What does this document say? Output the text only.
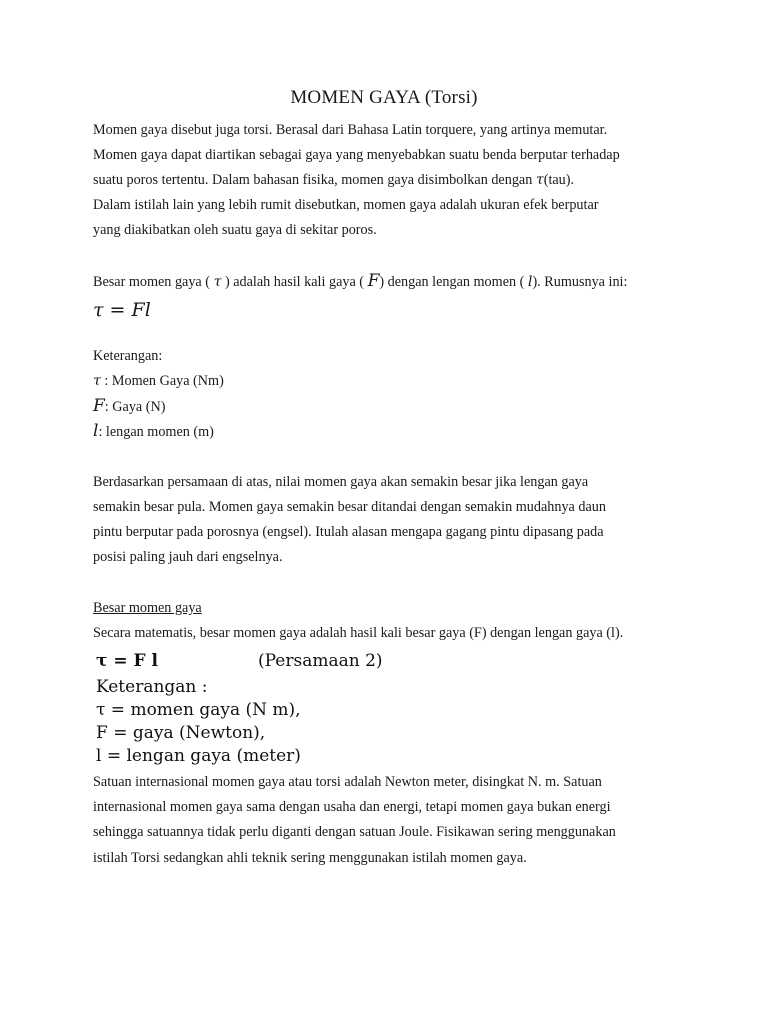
MOMEN GAYA (Torsi)
Momen gaya disebut juga torsi. Berasal dari Bahasa Latin torquere, yang artinya memutar.
Momen gaya dapat diartikan sebagai gaya yang menyebabkan suatu benda berputar terhadap
suatu poros tertentu. Dalam bahasan fisika, momen gaya disimbolkan dengan τ(tau).
Dalam istilah lain yang lebih rumit disebutkan, momen gaya adalah ukuran efek berputar
yang diakibatkan oleh suatu gaya di sekitar poros.
Besar momen gaya ( τ ) adalah hasil kali gaya ( F) dengan lengan momen ( l). Rumusnya ini:
τ = Fl
Keterangan:
τ : Momen Gaya (Nm)
F: Gaya (N)
l: lengan momen (m)
Berdasarkan persamaan di atas, nilai momen gaya akan semakin besar jika lengan gaya
semakin besar pula. Momen gaya semakin besar ditandai dengan semakin mudahnya daun
pintu berputar pada porosnya (engsel). Itulah alasan mengapa gagang pintu dipasang pada
posisi paling jauh dari engselnya.
Besar momen gaya
Secara matematis, besar momen gaya adalah hasil kali besar gaya (F) dengan lengan gaya (l).
τ = F l	(Persamaan 2)
Keterangan :
τ = momen gaya (N m),
F = gaya (Newton),
l = lengan gaya (meter)
Satuan internasional momen gaya atau torsi adalah Newton meter, disingkat N. m. Satuan
internasional momen gaya sama dengan usaha dan energi, tetapi momen gaya bukan energi
sehingga satuannya tidak perlu diganti dengan satuan Joule. Fisikawan sering menggunakan
istilah Torsi sedangkan ahli teknik sering menggunakan istilah momen gaya.
